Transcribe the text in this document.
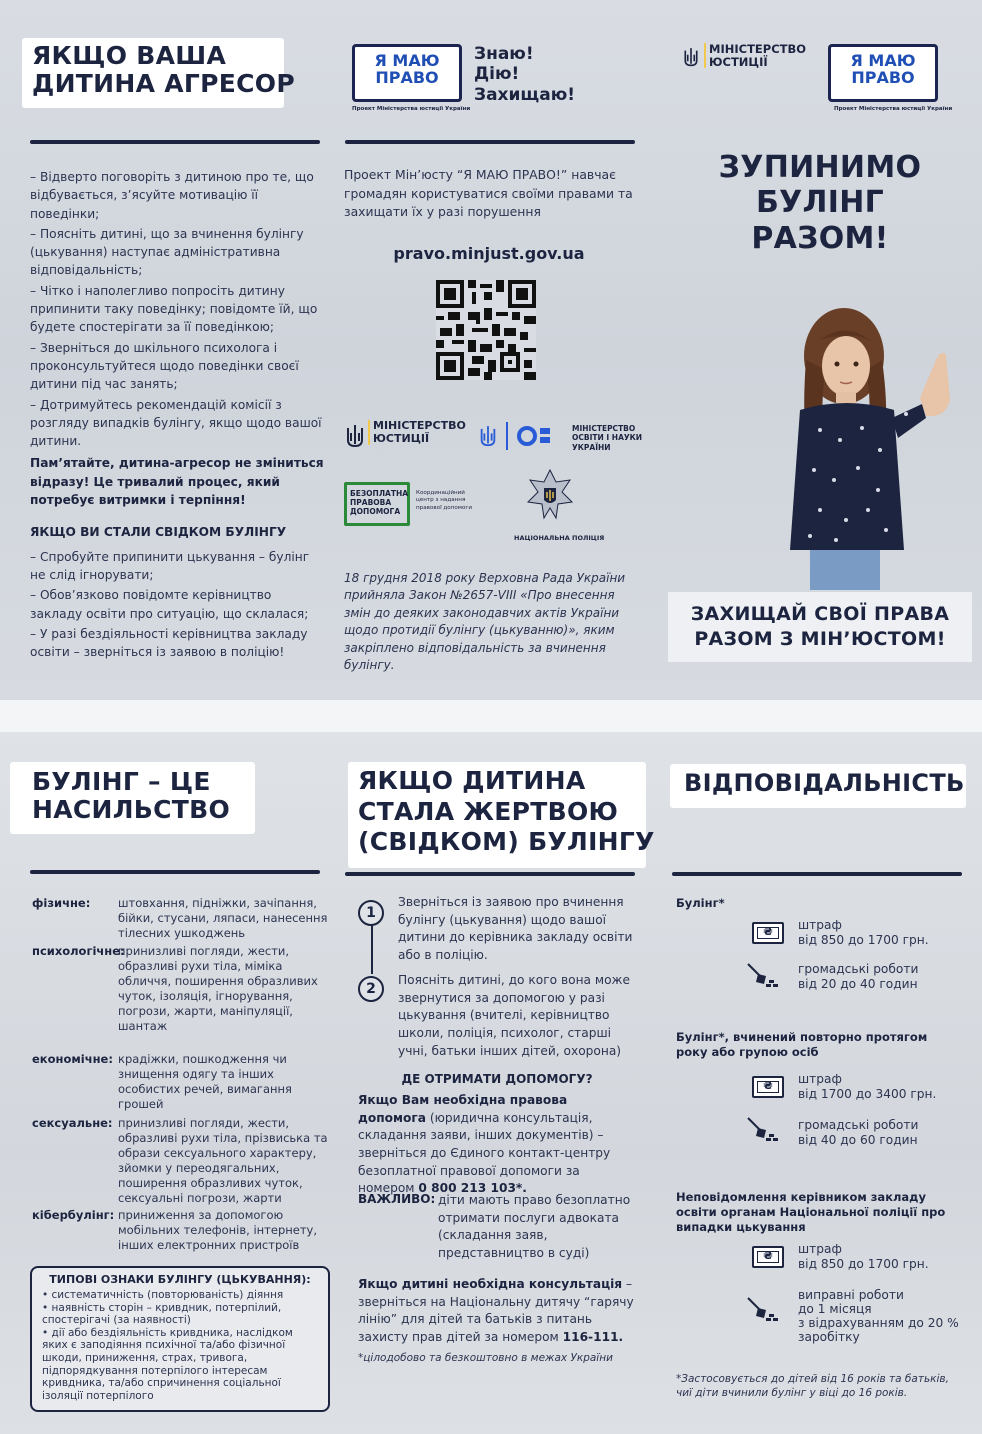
ЯКЩО ВАША
ДИТИНА АГРЕСОР

– Відверто поговоріть з дитиною про те, що відбувається, з’ясуйте мотивацію її поведінки;

– Поясніть дитині, що за вчинення булінгу (цькування) наступає адміністративна відповідальність;

– Чітко і наполегливо попросіть дитину припинити таку поведінку; повідомте їй, що будете спостерігати за її поведінкою;

– Зверніться до шкільного психолога і проконсультуйтеся щодо поведінки своєї дитини під час занять;

– Дотримуйтесь рекомендацій комісії з розгляду випадків булінгу, якщо щодо вашої дитини.

Пам’ятайте, дитина-агресор не зміниться відразу! Це тривалий процес, який потребує витримки і терпіння!

ЯКЩО ВИ СТАЛИ СВІДКОМ БУЛІНГУ

– Спробуйте припинити цькування – булінг не слід ігнорувати;

– Обов’язково повідомте керівництво закладу освіти про ситуацію, що склалася;

– У разі бездіяльності керівництва закладу освіти – зверніться із заявою в поліцію!

Я МАЮ
ПРАВО
Проект Міністерства юстиції України
Знаю!
Дію!
Захищаю!
Проект Мін’юсту “Я МАЮ ПРАВО!” навчає громадян користуватися своїми правами та захищати їх у разі порушення
pravo.minjust.gov.ua
МІНІСТЕРСТВО
ЮСТИЦІЇ
МІНІСТЕРСТВО
ОСВІТИ І НАУКИ
УКРАЇНИ
БЕЗОПЛАТНА
ПРАВОВА
ДОПОМОГА
Координаційний центр з надання правової допомоги
НАЦІОНАЛЬНА ПОЛІЦІЯ
18 грудня 2018 року Верховна Рада України прийняла Закон №2657-VIII «Про внесення змін до деяких законодавчих актів України щодо протидії булінгу (цькуванню)», яким закріплено відповідальність за вчинення булінгу.
МІНІСТЕРСТВО
ЮСТИЦІЇ	Я МАЮ
ПРАВО
Проект Міністерства юстиції України
ЗУПИНИМО
БУЛІНГ
РАЗОМ!
ЗАХИЩАЙ СВОЇ ПРАВА
РАЗОМ З МІН’ЮСТОМ!
БУЛІНГ – ЦЕ
НАСИЛЬСТВО
фізичне: штовхання, підніжки, зачіпання, бійки, стусани, ляпаси, нанесення тілесних ушкоджень
психологічне:
принизливі погляди, жести, образливі рухи тіла, міміка обличчя, поширення образливих чуток, ізоляція, ігнорування, погрози, жарти, маніпуляції, шантаж
економічне: крадіжки, пошкодження чи знищення одягу та інших особистих речей, вимагання грошей
сексуальне: принизливі погляди, жести, образливі рухи тіла, прізвиська та образи сексуального характеру, зйомки у переодягальних, поширення образливих чуток, сексуальні погрози, жарти
кібербулінг: приниження за допомогою мобільних телефонів, інтернету, інших електронних пристроїв
ТИПОВІ ОЗНАКИ БУЛІНГУ (ЦЬКУВАННЯ):
• систематичність (повторюваність) діяння
• наявність сторін – кривдник, потерпілий, спостерігачі (за наявності)
• дії або бездіяльність кривдника, наслідком яких є заподіяння психічної та/або фізичної шкоди, приниження, страх, тривога, підпорядкування потерпілого інтересам кривдника, та/або спричинення соціальної ізоляції потерпілого
ЯКЩО ДИТИНА
СТАЛА ЖЕРТВОЮ
(СВІДКОМ) БУЛІНГУ
1
Зверніться із заявою про вчинення булінгу (цькування) щодо вашої дитини до керівника закладу освіти або в поліцію.
2
Поясніть дитині, до кого вона може звернутися за допомогою у разі цькування (вчителі, керівництво школи, поліція, психолог, старші учні, батьки інших дітей, охорона)
ДЕ ОТРИМАТИ ДОПОМОГУ?
Якщо Вам необхідна правова допомога (юридична консультація, складання заяви, інших документів) – зверніться до Єдиного контакт-центру безоплатної правової допомоги за номером 0 800 213 103*.
ВАЖЛИВО: діти мають право безоплатно отримати послуги адвоката (складання заяв, представництво в суді)
Якщо дитині необхідна консультація – зверніться на Національну дитячу “гарячу лінію” для дітей та батьків з питань захисту прав дітей за номером 116-111.
*цілодобово та безкоштовно в межах України
ВІДПОВІДАЛЬНІСТЬ
Булінг*
₴
штраф
від 850 до 1700 грн.
громадські роботи
від 20 до 40 годин
Булінг*, вчинений повторно протягом року або групою осіб
₴
штраф
від 1700 до 3400 грн.
громадські роботи
від 40 до 60 годин
Неповідомлення керівником закладу освіти органам Національної поліції про випадки цькування
₴
штраф
від 850 до 1700 грн.
виправні роботи
до 1 місяця
з відрахуванням до 20 %
заробітку
*Застосовується до дітей від 16 років та батьків, чиї діти вчинили булінг у віці до 16 років.
